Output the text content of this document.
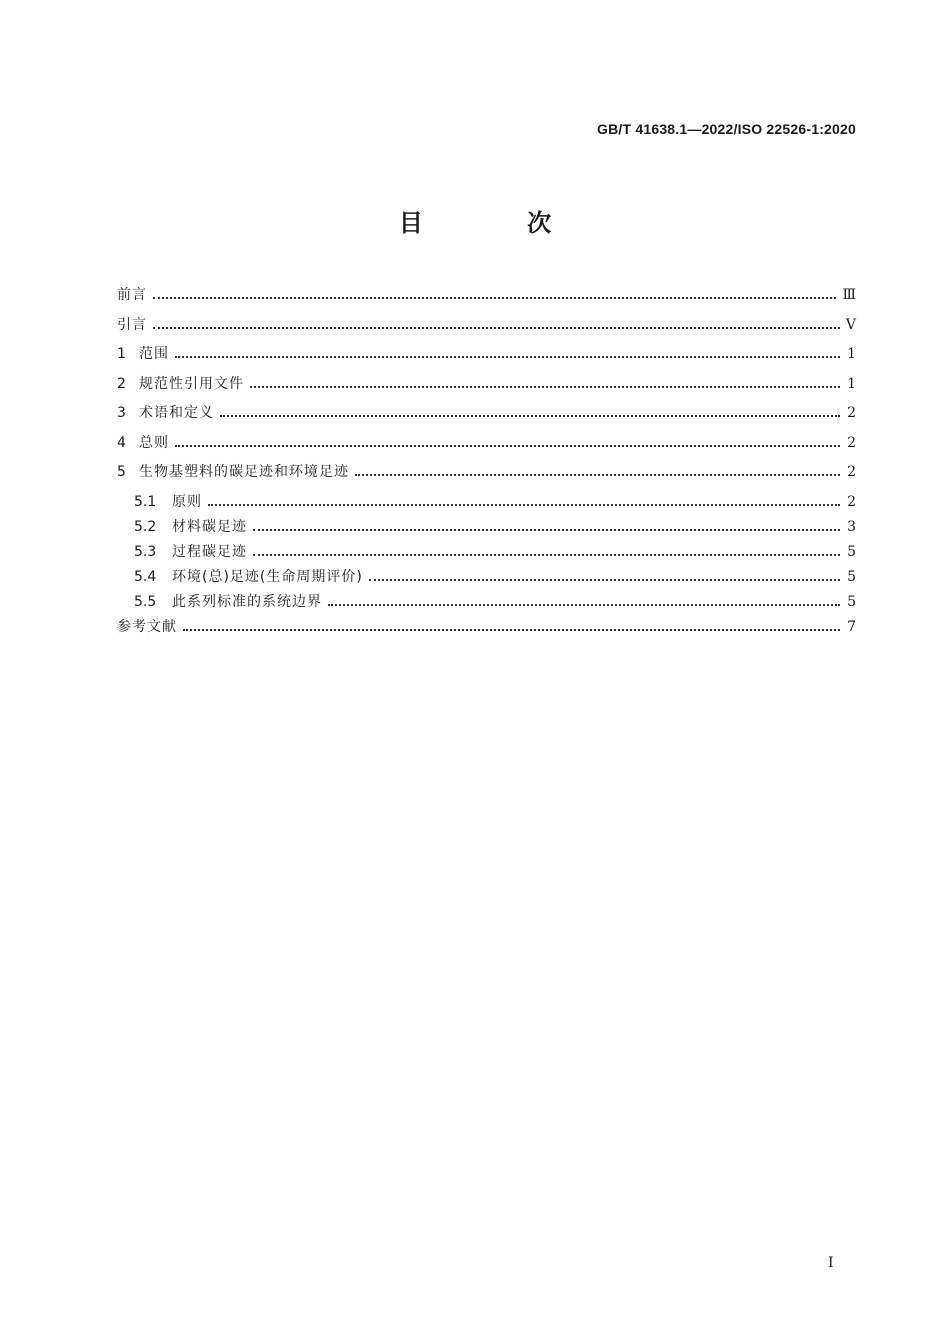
GB/T 41638.1—2022/ISO 22526-1:2020
目 次
前言	Ⅲ
引言	Ⅴ
1 范围	1
2 规范性引用文件	1
3 术语和定义	2
4 总则	2
5 生物基塑料的碳足迹和环境足迹	2
5.1	原则	2
5.2	材料碳足迹	3
5.3	过程碳足迹	5
5.4	环境(总)足迹(生命周期评价)	5
5.5	此系列标准的系统边界	5
参考文献	7
I
